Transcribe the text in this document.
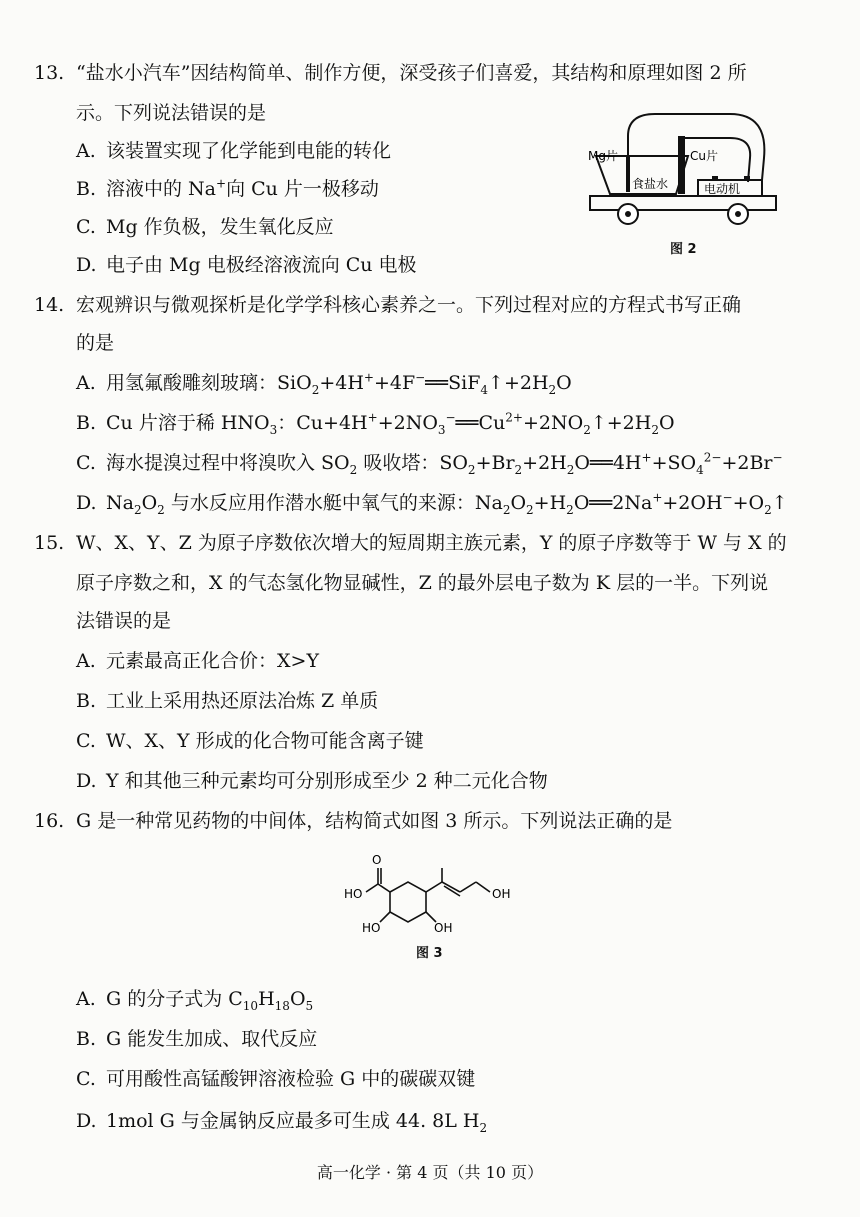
13. “盐水小汽车”因结构简单、制作方便，深受孩子们喜爱，其结构和原理如图 2 所
示。下列说法错误的是
A. 该装置实现了化学能到电能的转化
B. 溶液中的 Na+向 Cu 片一极移动
C. Mg 作负极，发生氧化反应
D. 电子由 Mg 电极经溶液流向 Cu 电极
Mg片	Cu片
食盐水	电动机
图 2
14. 宏观辨识与微观探析是化学学科核心素养之一。下列过程对应的方程式书写正确
的是
A. 用氢氟酸雕刻玻璃：$SiO_2+4H^++4F^-══SiF_4↑+2H_2O$
B. Cu 片溶于稀 $HNO_3$：$Cu+4H^++2NO_3^-══Cu^{2+}+2NO_2↑+2H_2O$
C. 海水提溴过程中将溴吹入 $SO_2$ 吸收塔：$SO_2+Br_2+2H_2O══4H^++SO_4^{2-}+2Br^-$
D. $Na_2O_2$ 与水反应用作潜水艇中氧气的来源：$Na_2O_2+H_2O══2Na^++2OH^-+O_2↑$
15. W、X、Y、Z 为原子序数依次增大的短周期主族元素，Y 的原子序数等于 W 与 X 的
原子序数之和，X 的气态氢化物显碱性，Z 的最外层电子数为 K 层的一半。下列说
法错误的是
A. 元素最高正化合价：X>Y
B. 工业上采用热还原法冶炼 Z 单质
C. W、X、Y 形成的化合物可能含离子键
D. Y 和其他三种元素均可分别形成至少 2 种二元化合物
16. G 是一种常见药物的中间体，结构简式如图 3 所示。下列说法正确的是
O
HO	OH
HO	OH
图 3
A. G 的分子式为 $C_{10}H_{18}O_5$
B. G 能发生加成、取代反应
C. 可用酸性高锰酸钾溶液检验 G 中的碳碳双键
D. 1mol G 与金属钠反应最多可生成 44. 8L $H_2$
高一化学 · 第 4 页（共 10 页）
